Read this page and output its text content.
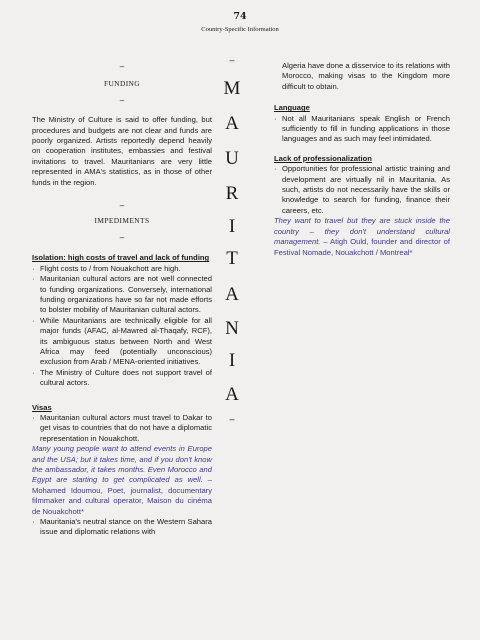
74
Country-Specific Information
–
FUNDING
–

The Ministry of Culture is said to offer funding, but procedures and budgets are not clear and funds are poorly organized. Artists reportedly depend heavily on cooperation institutes, embassies and festival invitations to travel. Mauritanians are very little represented in AMA's statistics, as in those of other funds in the region.

–
IMPEDIMENTS
–

Isolation: high costs of travel and lack of funding

· Flight costs to / from Nouakchott are high.

· Mauritanian cultural actors are not well connected to funding organizations. Conversely, international funding organizations have so far not made efforts to bolster mobility of Mauritanian cultural actors.

· While Mauritanians are technically eligible for all major funds (AFAC, al-Mawred al-Thaqafy, RCF), its ambiguous status between North and West Africa may feed (potentially unconscious) exclusion from Arab / MENA-oriented initiatives.

· The Ministry of Culture does not support travel of cultural actors.

Visas

· Mauritanian cultural actors must travel to Dakar to get visas to countries that do not have a diplomatic representation in Nouakchott.

Many young people want to attend events in Europe and the USA; but it takes time, and if you don't know the ambassador, it takes months. Even Morocco and Egypt are starting to get complicated as well. – Mohamed Idoumou, Poet, journalist, documentary filmmaker and cultural operator, Maison du cinéma de Nouakchott*

· Mauritania's neutral stance on the Western Sahara issue and diplomatic relations with

–
M
A
U
R
I
T
A
N
I
A
–

Algeria have done a disservice to its relations with Morocco, making visas to the Kingdom more difficult to obtain.

Language

· Not all Mauritanians speak English or French sufficiently to fill in funding applications in those languages and as such may feel intimidated.

Lack of professionalization

· Opportunities for professional artistic training and development are virtually nil in Mauritania. As such, artists do not necessarily have the skills or knowledge to search for funding, finance their careers, etc.

They want to travel but they are stuck inside the country – they don't understand cultural management. – Atigh Ould, founder and director of Festival Nomade, Nouakchott / Montreal*
